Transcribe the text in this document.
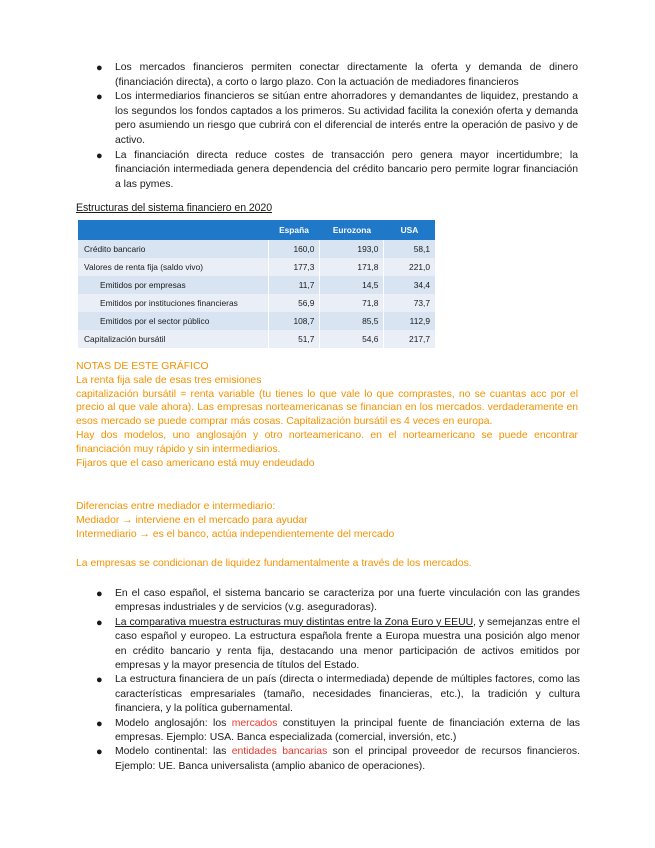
● Los mercados financieros permiten conectar directamente la oferta y demanda de dinero (financiación directa), a corto o largo plazo. Con la actuación de mediadores financieros
● Los intermediarios financieros se sitúan entre ahorradores y demandantes de liquidez, prestando a los segundos los fondos captados a los primeros. Su actividad facilita la conexión oferta y demanda pero asumiendo un riesgo que cubrirá con el diferencial de interés entre la operación de pasivo y de activo.
● La financiación directa reduce costes de transacción pero genera mayor incertidumbre; la financiación intermediada genera dependencia del crédito bancario pero permite lograr financiación a las pymes.
Estructuras del sistema financiero en 2020
	España	Eurozona	USA
Crédito bancario	160,0	193,0	58,1
Valores de renta fija (saldo vivo)	177,3	171,8	221,0
Emitidos por empresas	11,7	14,5	34,4
Emitidos por instituciones financieras	56,9	71,8	73,7
Emitidos por el sector público	108,7	85,5	112,9
Capitalización bursátil	51,7	54,6	217,7

NOTAS DE ESTE GRÁFICO

La renta fija sale de esas tres emisiones

capitalización bursátil = renta variable (tu tienes lo que vale lo que comprastes, no se cuantas acc por el precio al que vale ahora). Las empresas norteamericanas se financian en los mercados. verdaderamente en esos mercado se puede comprar más cosas. Capitalización bursátil es 4 veces en europa.

Hay dos modelos, uno anglosajón y otro norteamericano. en el norteamericano se puede encontrar financiación muy rápido y sin intermediarios.

Fijaros que el caso americano está muy endeudado

Diferencias entre mediador e intermediario:

Mediador → interviene en el mercado para ayudar

Intermediario → es el banco, actúa independientemente del mercado

La empresas se condicionan de liquidez fundamentalmente a través de los mercados.

● En el caso español, el sistema bancario se caracteriza por una fuerte vinculación con las grandes empresas industriales y de servicios (v.g. aseguradoras).
● La comparativa muestra estructuras muy distintas entre la Zona Euro y EEUU, y semejanzas entre el caso español y europeo. La estructura española frente a Europa muestra una posición algo menor en crédito bancario y renta fija, destacando una menor participación de activos emitidos por empresas y la mayor presencia de títulos del Estado.
● La estructura financiera de un país (directa o intermediada) depende de múltiples factores, como las características empresariales (tamaño, necesidades financieras, etc.), la tradición y cultura financiera, y la política gubernamental.
● Modelo anglosajón: los mercados constituyen la principal fuente de financiación externa de las empresas. Ejemplo: USA. Banca especializada (comercial, inversión, etc.)
● Modelo continental: las entidades bancarias son el principal proveedor de recursos financieros. Ejemplo: UE. Banca universalista (amplio abanico de operaciones).
